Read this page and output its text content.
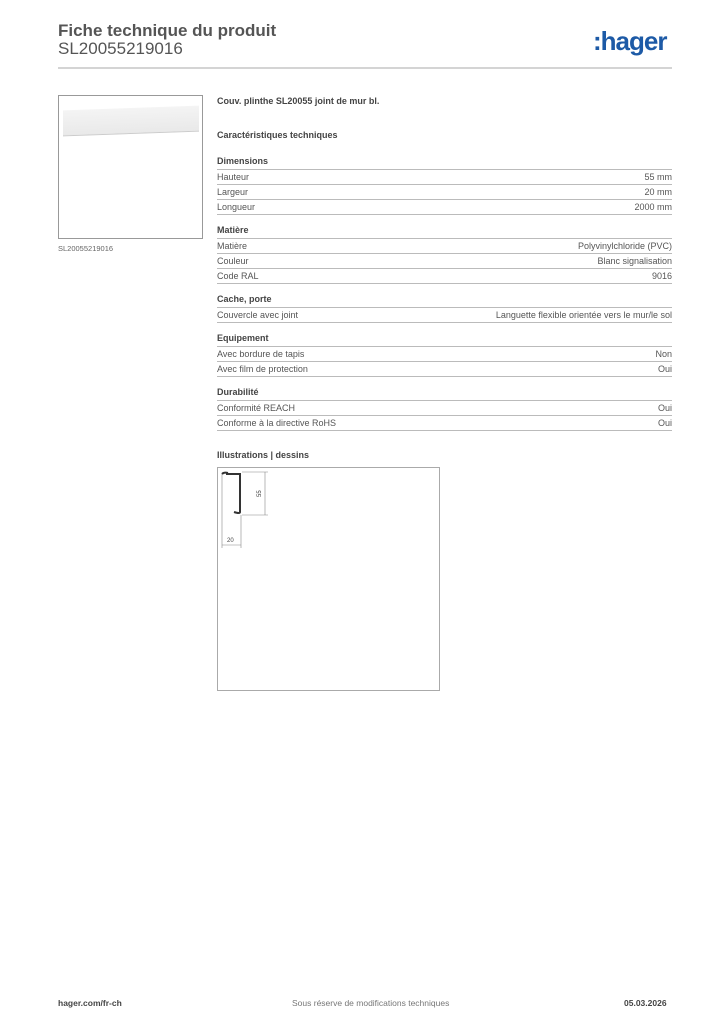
Fiche technique du produit
SL20055219016	:hager
SL20055219016
Couv. plinthe SL20055 joint de mur bl.
Caractéristiques techniques
Dimensions
Hauteur	55 mm
Largeur	20 mm
Longueur	2000 mm
Matière
Matière	Polyvinylchloride (PVC)
Couleur	Blanc signalisation
Code RAL	9016
Cache, porte
Couvercle avec joint	Languette flexible orientée vers le mur/le sol
Equipement
Avec bordure de tapis	Non
Avec film de protection	Oui
Durabilité
Conformité REACH	Oui
Conforme à la directive RoHS	Oui
Illustrations | dessins
55
20
hager.com/fr-ch	Sous réserve de modifications techniques	05.03.2026
